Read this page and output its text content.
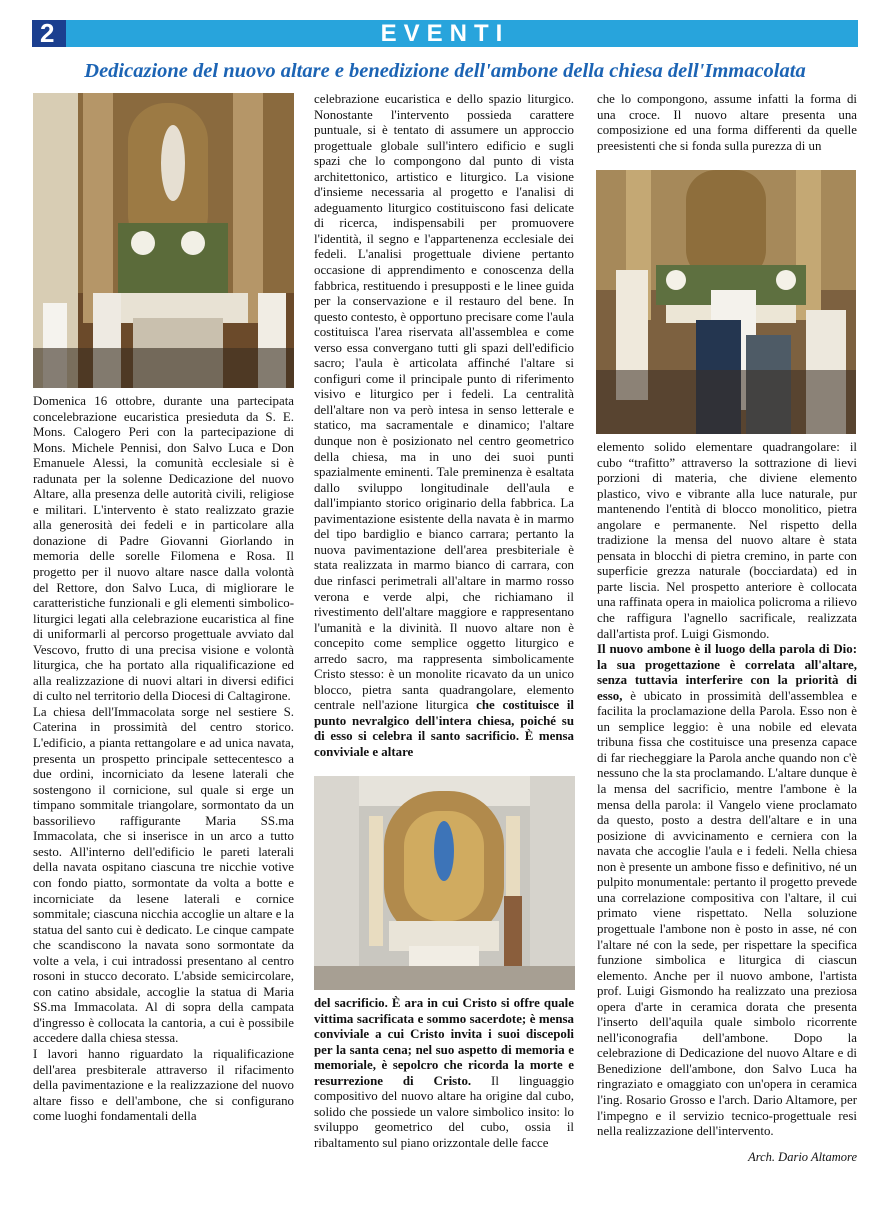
2	EVENTI
Dedicazione del nuovo altare e benedizione dell'ambone della chiesa dell'Immacolata

Domenica 16 ottobre, durante una partecipata concelebrazione eucaristica presieduta da S. E. Mons. Calogero Peri con la partecipazione di Mons. Michele Pennisi, don Salvo Luca e Don Emanuele Alessi, la comunità ecclesiale si è radunata per la solenne Dedicazione del nuovo Altare, alla presenza delle autorità civili, religiose e militari. L'intervento è stato realizzato grazie alla generosità dei fedeli e in particolare alla donazione di Padre Giovanni Giorlando in memoria delle sorelle Filomena e Rosa. Il progetto per il nuovo altare nasce dalla volontà del Rettore, don Salvo Luca, di migliorare le caratteristiche funzionali e gli elementi simbolico-liturgici legati alla celebrazione eucaristica al fine di uniformarli al percorso progettuale avviato dal Vescovo, frutto di una precisa visione e volontà liturgica, che ha portato alla riqualificazione ed alla realizzazione di nuovi altari in diversi edifici di culto nel territorio della Diocesi di Caltagirone.

La chiesa dell'Immacolata sorge nel sestiere S. Caterina in prossimità del centro storico. L'edificio, a pianta rettangolare e ad unica navata, presenta un prospetto principale settecentesco a due ordini, incorniciato da lesene laterali che sostengono il cornicione, sul quale si erge un timpano sommitale triangolare, sormontato da un bassorilievo raffigurante Maria SS.ma Immacolata, che si inserisce in un arco a tutto sesto. All'interno dell'edificio le pareti laterali della navata ospitano ciascuna tre nicchie votive con fondo piatto, sormontate da volta a botte e incorniciate da lesene laterali e cornice sommitale; ciascuna nicchia accoglie un altare e la statua del santo cui è dedicato. Le cinque campate che scandiscono la navata sono sormontate da volte a vela, i cui intradossi presentano al centro rosoni in stucco decorato. L'abside semicircolare, con catino absidale, accoglie la statua di Maria SS.ma Immacolata. Al di sopra della campata d'ingresso è collocata la cantoria, a cui è possibile accedere dalla chiesa stessa.

I lavori hanno riguardato la riqualificazione dell'area presbiterale attraverso il rifacimento della pavimentazione e la realizzazione del nuovo altare fisso e dell'ambone, che si configurano come luoghi fondamentali della

celebrazione eucaristica e dello spazio liturgico. Nonostante l'intervento possieda carattere puntuale, si è tentato di assumere un approccio progettuale globale sull'intero edificio e sugli spazi che lo compongono dal punto di vista architettonico, artistico e liturgico. La visione d'insieme necessaria al progetto e l'analisi di adeguamento liturgico costituiscono fasi delicate di ricerca, indispensabili per promuovere l'identità, il segno e l'appartenenza ecclesiale dei fedeli. L'analisi progettuale diviene pertanto occasione di apprendimento e conoscenza della fabbrica, restituendo i presupposti e le linee guida per la conservazione e il restauro del bene. In questo contesto, è opportuno precisare come l'aula costituisca l'area riservata all'assemblea e come verso essa convergano tutti gli spazi dell'edificio sacro; l'aula è articolata affinché l'altare si configuri come il principale punto di riferimento visivo e liturgico per i fedeli. La centralità dell'altare non va però intesa in senso letterale e statico, ma sacramentale e dinamico; l'altare dunque non è posizionato nel centro geometrico della chiesa, ma in uno dei suoi punti spazialmente eminenti. Tale preminenza è esaltata dallo sviluppo longitudinale dell'aula e dall'impianto storico originario della fabbrica. La pavimentazione esistente della navata è in marmo del tipo bardiglio e bianco carrara; pertanto la nuova pavimentazione dell'area presbiteriale è stata realizzata in marmo bianco di carrara, con due rinfasci perimetrali all'altare in marmo rosso verona e verde alpi, che richiamano il rivestimento dell'altare maggiore e rappresentano l'umanità e la divinità. Il nuovo altare non è concepito come semplice oggetto liturgico e arredo sacro, ma rappresenta simbolicamente Cristo stesso: è un monolite ricavato da un unico blocco, pietra santa quadrangolare, elemento centrale nell'azione liturgica che costituisce il punto nevralgico dell'intera chiesa, poiché su di esso si celebra il santo sacrificio. È mensa conviviale e altare

del sacrificio. È ara in cui Cristo si offre quale vittima sacrificata e sommo sacerdote; è mensa conviviale a cui Cristo invita i suoi discepoli per la santa cena; nel suo aspetto di memoria e memoriale, è sepolcro che ricorda la morte e resurrezione di Cristo. Il linguaggio compositivo del nuovo altare ha origine dal cubo, solido che possiede un valore simbolico insito: lo sviluppo geometrico del cubo, ossia il ribaltamento sul piano orizzontale delle facce

che lo compongono, assume infatti la forma di una croce. Il nuovo altare presenta una composizione ed una forma differenti da quelle preesistenti che si fonda sulla purezza di un

elemento solido elementare quadrangolare: il cubo “trafitto” attraverso la sottrazione di lievi porzioni di materia, che diviene elemento plastico, vivo e vibrante alla luce naturale, pur mantenendo l'entità di blocco monolitico, pietra angolare e permanente. Nel rispetto della tradizione la mensa del nuovo altare è stata pensata in blocchi di pietra cremino, in parte con superficie grezza naturale (bocciardata) ed in parte liscia. Nel prospetto anteriore è collocata una raffinata opera in maiolica policroma a rilievo che raffigura l'agnello sacrificale, realizzata dall'artista prof. Luigi Gismondo.

Il nuovo ambone è il luogo della parola di Dio: la sua progettazione è correlata all'altare, senza tuttavia interferire con la priorità di esso, è ubicato in prossimità dell'assemblea e facilita la proclamazione della Parola. Esso non è un semplice leggio: è una nobile ed elevata tribuna fissa che costituisce una presenza capace di far riecheggiare la Parola anche quando non c'è nessuno che la sta proclamando. L'altare dunque è la mensa del sacrificio, mentre l'ambone è la mensa della parola: il Vangelo viene proclamato da questo, posto a destra dell'altare e in una posizione di avvicinamento e cerniera con la navata che accoglie l'aula e i fedeli. Nella chiesa non è presente un ambone fisso e definitivo, né un pulpito monumentale: pertanto il progetto prevede una correlazione compositiva con l'altare, il cui primato viene rispettato. Nella soluzione progettuale l'ambone non è posto in asse, né con l'altare né con la sede, per rispettare la specifica funzione simbolica e liturgica di ciascun elemento. Anche per il nuovo ambone, l'artista prof. Luigi Gismondo ha realizzato una preziosa opera d'arte in ceramica dorata che presenta l'inserto dell'aquila quale simbolo ricorrente nell'iconografia dell'ambone. Dopo la celebrazione di Dedicazione del nuovo Altare e di Benedizione dell'ambone, don Salvo Luca ha ringraziato e omaggiato con un'opera in ceramica l'ing. Rosario Grosso e l'arch. Dario Altamore, per l'impegno e il servizio tecnico-progettuale resi nella realizzazione dell'intervento.

Arch. Dario Altamore
